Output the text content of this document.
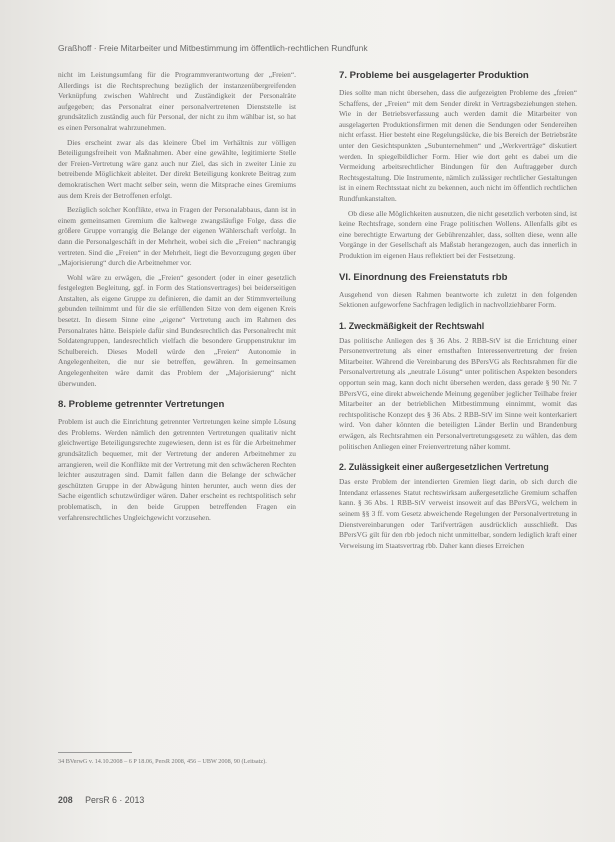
Graßhoff · Freie Mitarbeiter und Mitbestimmung im öffentlich-rechtlichen Rundfunk

nicht im Leistungsumfang für die Programmverantwortung der „Freien“. Allerdings ist die Rechtsprechung bezüglich der instanzenübergreifenden Verknüpfung zwischen Wahlrecht und Zuständigkeit der Personalräte aufgegeben; das Personalrat einer personalvertretenen Dienststelle ist grundsätzlich zuständig auch für Personal, der nicht zu ihm wählbar ist, so hat es einen Personalrat wahrzunehmen.

Dies erscheint zwar als das kleinere Übel im Verhältnis zur völligen Beteiligungsfreiheit von Maßnahmen. Aber eine gewählte, legitimierte Stelle der Freien-Vertretung wäre ganz auch nur Ziel, das sich in zweiter Linie zu betreibende Möglichkeit ableitet. Der direkt Beteiligung konkrete Beitrag zum demokratischen Wert macht selber sein, wenn die Mitsprache eines Gremiums aus dem Kreis der Betroffenen erfolgt.

Bezüglich solcher Konflikte, etwa in Fragen der Personalabbaus, dann ist in einem gemeinsamen Gremium die kaltwege zwangsläufige Folge, dass die größere Gruppe vorrangig die Belange der eigenen Wählerschaft verfolgt. In dann die Personalgeschäft in der Mehrheit, wobei sich die „Freien“ nachrangig vertreten. Sind die „Freien“ in der Mehrheit, liegt die Bevorzugung gegen über „Majorisierung“ durch die Arbeitnehmer vor.

Wohl wäre zu erwägen, die „Freien“ gesondert (oder in einer gesetzlich festgelegten Begleitung, ggf. in Form des Stationsvertrages) bei beiderseitigen Anstalten, als eigene Gruppe zu definieren, die damit an der Stimmverteilung gebunden teilnimmt und für die sie erfüllenden Sitze von dem eigenen Kreis besetzt. In diesem Sinne eine „eigene“ Vertretung auch im Rahmen des Personalrates hätte. Beispiele dafür sind Bundesrechtlich das Personalrecht mit Soldatengruppen, landesrechtlich vielfach die besondere Gruppenstruktur im Schulbereich. Dieses Modell würde den „Freien“ Autonomie in Angelegenheiten, die nur sie betreffen, gewähren. In gemeinsamen Angelegenheiten wäre damit das Problem der „Majorisierung“ nicht überwunden.

8. Probleme getrennter Vertretungen

Problem ist auch die Einrichtung getrennter Vertretungen keine simple Lösung des Problems. Werden nämlich den getrennten Vertretungen qualitativ nicht gleichwertige Beteiligungsrechte zugewiesen, denn ist es für die Arbeitnehmer grundsätzlich bequemer, mit der Vertretung der anderen Arbeitnehmer zu arrangieren, weil die Konflikte mit der Vertretung mit den schwächeren Rechten leichter auszutragen sind. Damit fallen dann die Belange der schwächer geschützten Gruppe in der Abwägung hinten herunter, auch wenn dies der Sache eigentlich schutzwürdiger wären. Daher erscheint es rechtspolitisch sehr problematisch, in den beide Gruppen betreffenden Fragen ein verfahrensrechtliches Ungleichgewicht vorzusehen.

7. Probleme bei ausgelagerter Produktion

Dies sollte man nicht übersehen, dass die aufgezeigten Probleme des „freien“ Schaffens, der „Freien“ mit dem Sender direkt in Vertragsbeziehungen stehen. Wie in der Betriebsverfassung auch werden damit die Mitarbeiter von ausgelagerten Produktionsfirmen mit denen die Sendungen oder Sendereihen nicht erfasst. Hier besteht eine Regelungslücke, die bis Bereich der Betriebsräte unter den Gesichtspunkten „Subunternehmen“ und „Werkverträge“ diskutiert werden. In spiegelbildlicher Form. Hier wie dort geht es dabei um die Vermeidung arbeitsrechtlicher Bindungen für den Auftraggeber durch Rechtsgestaltung. Die Instrumente, nämlich zulässiger rechtlicher Gestaltungen ist in einem Rechtsstaat nicht zu bekennen, auch nicht im öffentlich rechtlichen Rundfunkanstalten.

Ob diese alle Möglichkeiten ausnutzen, die nicht gesetzlich verboten sind, ist keine Rechtsfrage, sondern eine Frage politischen Wollens. Allenfalls gibt es eine berechtigte Erwartung der Gebührenzahler, dass, sollten diese, wenn alle Vorgänge in der Gesellschaft als Maßstab herangezogen, auch das innerlich in Produktion im eigenen Haus reflektiert bei der Festsetzung.

VI. Einordnung des Freienstatuts rbb

Ausgehend von diesen Rahmen beantworte ich zuletzt in den folgenden Sektionen aufgeworfene Sachfragen lediglich in nachvollziehbarer Form.

1. Zweckmäßigkeit der Rechtswahl

Das politische Anliegen des § 36 Abs. 2 RBB-StV ist die Errichtung einer Personenvertretung als einer ernsthaften Interessenvertretung der freien Mitarbeiter. Während die Vereinbarung des BPersVG als Rechtsrahmen für die Personalvertretung als „neutrale Lösung“ unter politischen Aspekten besonders opportun sein mag, kann doch nicht übersehen werden, dass gerade § 90 Nr. 7 BPersVG, eine direkt abweichende Meinung gegenüber jeglicher Teilhabe freier Mitarbeiter an der betrieblichen Mitbestimmung einnimmt, womit das rechtspolitische Konzept des § 36 Abs. 2 RBB-StV im Sinne weit konterkariert wird. Von daher könnten die beteiligten Länder Berlin und Brandenburg erwägen, als Rechtsrahmen ein Personalvertretungsgesetz zu wählen, das dem politischen Anliegen einer Freienvertretung näher kommt.

2. Zulässigkeit einer außergesetzlichen Vertretung

Das erste Problem der intendierten Gremien liegt darin, ob sich durch die Intendanz erlassenes Statut rechtswirksam außergesetzliche Gremium schaffen kann. § 36 Abs. 1 RBB-StV verweist insoweit auf das BPersVG, welchem in seinem §§ 3 ff. vom Gesetz abweichende Regelungen der Personalvertretung in Dienstvereinbarungen oder Tarifverträgen ausdrücklich ausschließt. Das BPersVG gilt für den rbb jedoch nicht unmittelbar, sondern lediglich kraft einer Verweisung im Staatsvertrag rbb. Daher kann dieses Erreichen

34 BVerwG v. 14.10.2008 – 6 P 18.06, PersR 2008, 456 – UBW 2008, 90 (Leitsatz).
208 PersR 6 · 2013
